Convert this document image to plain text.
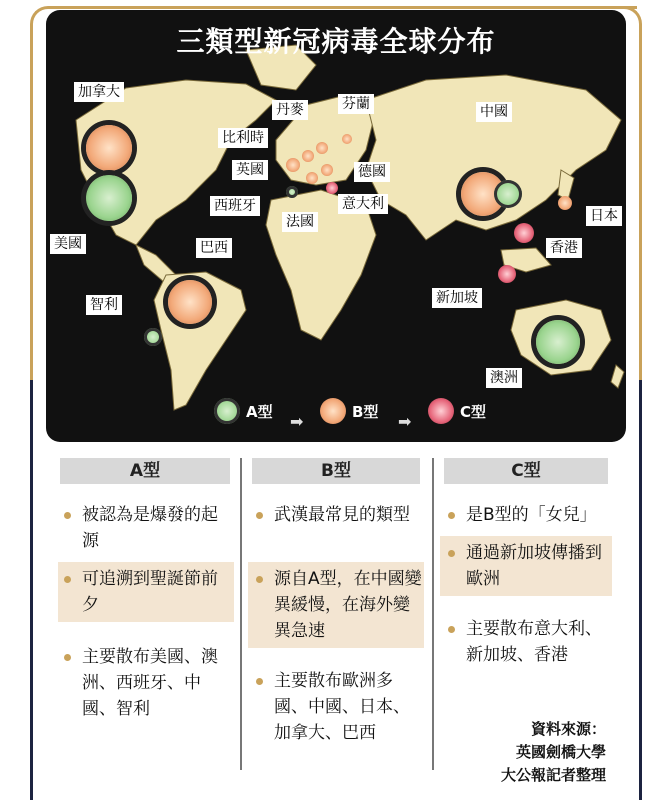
三類型新冠病毒全球分布
加拿大
美國	巴西
智利
丹麥
比利時
英國
西班牙
法國
芬蘭
德國
意大利
中國
日本
香港
新加坡
澳洲
A型
➡
B型
➡
C型
A型	B型	C型
被認為是爆發的起源
可追溯到聖誕節前夕
主要散布美國、澳洲、西班牙、中國、智利
武漢最常見的類型
源自A型，在中國變異緩慢，在海外變異急速
主要散布歐洲多國、中國、日本、加拿大、巴西
是B型的「女兒」
通過新加坡傳播到歐洲
主要散布意大利、新加坡、香港
資料來源：
英國劍橋大學
大公報記者整理
